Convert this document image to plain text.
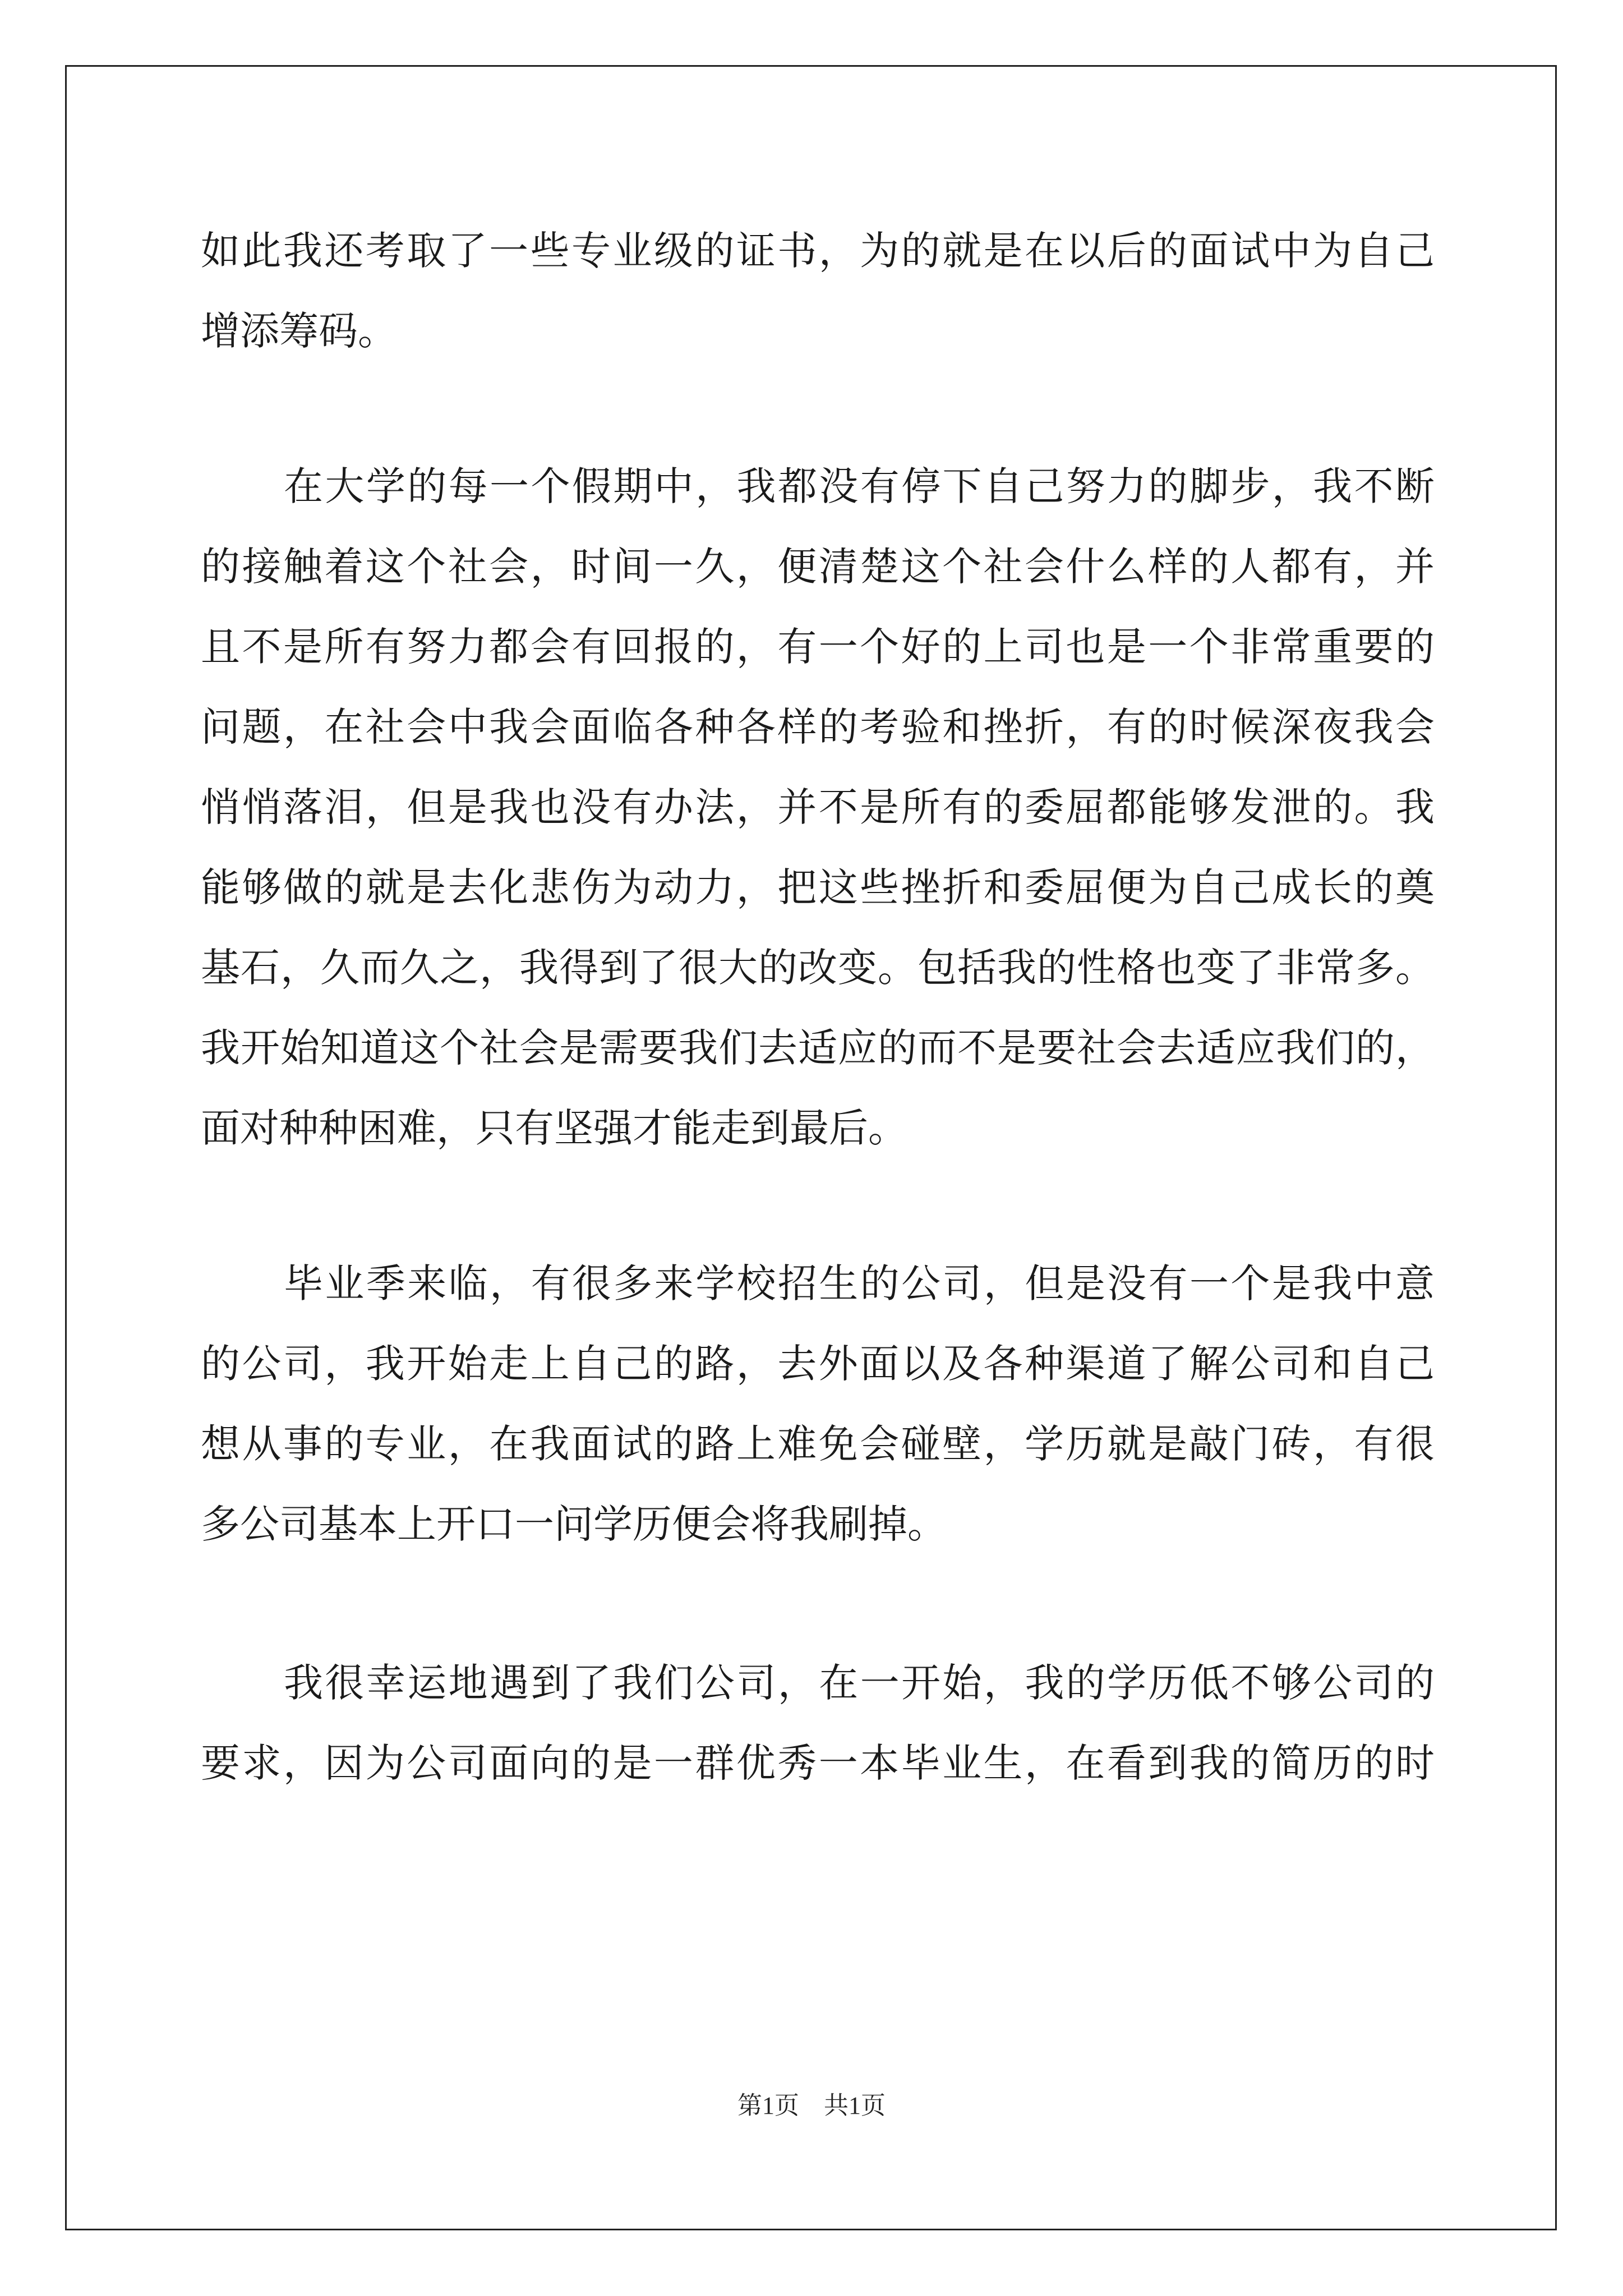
如此我还考取了一些专业级的证书，为的就是在以后的面试中为自己
增添筹码。
在大学的每一个假期中，我都没有停下自己努力的脚步，我不断
的接触着这个社会，时间一久，便清楚这个社会什么样的人都有，并
且不是所有努力都会有回报的，有一个好的上司也是一个非常重要的
问题，在社会中我会面临各种各样的考验和挫折，有的时候深夜我会
悄悄落泪，但是我也没有办法，并不是所有的委屈都能够发泄的。我
能够做的就是去化悲伤为动力，把这些挫折和委屈便为自己成长的奠
基石，久而久之，我得到了很大的改变。包括我的性格也变了非常多。
我开始知道这个社会是需要我们去适应的而不是要社会去适应我们的，
面对种种困难，只有坚强才能走到最后。
毕业季来临，有很多来学校招生的公司，但是没有一个是我中意
的公司，我开始走上自己的路，去外面以及各种渠道了解公司和自己
想从事的专业，在我面试的路上难免会碰壁，学历就是敲门砖，有很
多公司基本上开口一问学历便会将我刷掉。
我很幸运地遇到了我们公司，在一开始，我的学历低不够公司的
要求，因为公司面向的是一群优秀一本毕业生，在看到我的简历的时
第1页 共1页
